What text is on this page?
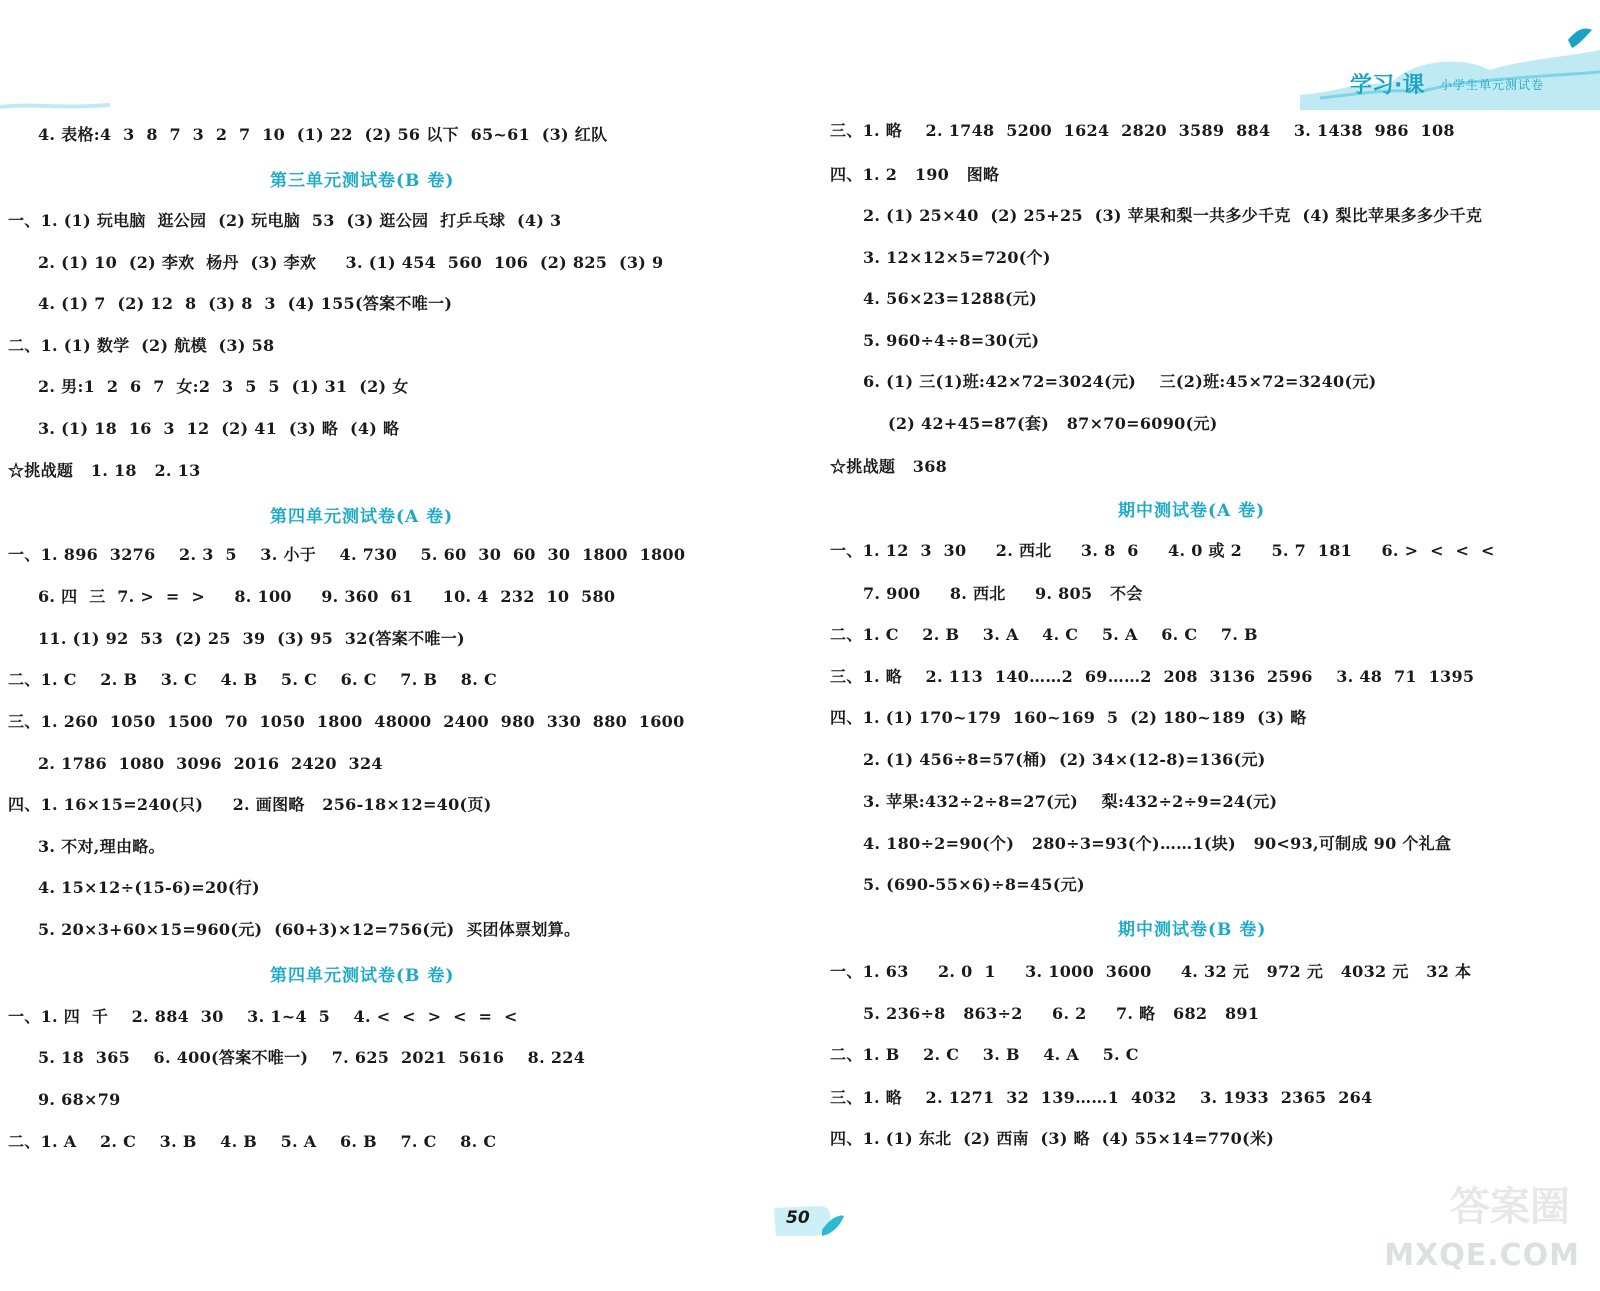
学习·课 小学生单元测试卷
4. 表格:4  3  8  7  3  2  7  10  (1) 22  (2) 56 以下  65~61  (3) 红队
第三单元测试卷(B 卷)
一、1. (1) 玩电脑  逛公园  (2) 玩电脑  53  (3) 逛公园  打乒乓球  (4) 3
2. (1) 10  (2) 李欢  杨丹  (3) 李欢     3. (1) 454  560  106  (2) 825  (3) 9
4. (1) 7  (2) 12  8  (3) 8  3  (4) 155(答案不唯一)
二、1. (1) 数学  (2) 航模  (3) 58
2. 男:1  2  6  7  女:2  3  5  5  (1) 31  (2) 女
3. (1) 18  16  3  12  (2) 41  (3) 略  (4) 略
☆挑战题   1. 18   2. 13
第四单元测试卷(A 卷)
一、1. 896  3276    2. 3  5    3. 小于    4. 730    5. 60  30  60  30  1800  1800
6. 四  三  7. >  =  >     8. 100     9. 360  61     10. 4  232  10  580
11. (1) 92  53  (2) 25  39  (3) 95  32(答案不唯一)
二、1. C    2. B    3. C    4. B    5. C    6. C    7. B    8. C
三、1. 260  1050  1500  70  1050  1800  48000  2400  980  330  880  1600
2. 1786  1080  3096  2016  2420  324
四、1. 16×15=240(只)     2. 画图略   256-18×12=40(页)
3. 不对,理由略。
4. 15×12÷(15-6)=20(行)
5. 20×3+60×15=960(元)  (60+3)×12=756(元)  买团体票划算。
第四单元测试卷(B 卷)
一、1. 四  千    2. 884  30    3. 1~4  5    4. <  <  >  <  =  <
5. 18  365    6. 400(答案不唯一)    7. 625  2021  5616    8. 224
9. 68×79
二、1. A    2. C    3. B    4. B    5. A    6. B    7. C    8. C
三、1. 略    2. 1748  5200  1624  2820  3589  884    3. 1438  986  108
四、1. 2   190   图略
2. (1) 25×40  (2) 25+25  (3) 苹果和梨一共多少千克  (4) 梨比苹果多多少千克
3. 12×12×5=720(个)
4. 56×23=1288(元)
5. 960÷4÷8=30(元)
6. (1) 三(1)班:42×72=3024(元)    三(2)班:45×72=3240(元)
(2) 42+45=87(套)   87×70=6090(元)
☆挑战题   368
期中测试卷(A 卷)
一、1. 12  3  30     2. 西北     3. 8  6     4. 0 或 2     5. 7  181     6. >  <  <  <
7. 900     8. 西北     9. 805   不会
二、1. C    2. B    3. A    4. C    5. A    6. C    7. B
三、1. 略    2. 113  140……2  69……2  208  3136  2596    3. 48  71  1395
四、1. (1) 170~179  160~169  5  (2) 180~189  (3) 略
2. (1) 456÷8=57(桶)  (2) 34×(12-8)=136(元)
3. 苹果:432÷2÷8=27(元)    梨:432÷2÷9=24(元)
4. 180÷2=90(个)   280÷3=93(个)……1(块)   90<93,可制成 90 个礼盒
5. (690-55×6)÷8=45(元)
期中测试卷(B 卷)
一、1. 63     2. 0  1     3. 1000  3600     4. 32 元   972 元   4032 元   32 本
5. 236÷8   863÷2     6. 2     7. 略   682   891
二、1. B    2. C    3. B    4. A    5. C
三、1. 略    2. 1271  32  139……1  4032    3. 1933  2365  264
四、1. (1) 东北  (2) 西南  (3) 略  (4) 55×14=770(米)
50	答案圈
MXQE.COM
